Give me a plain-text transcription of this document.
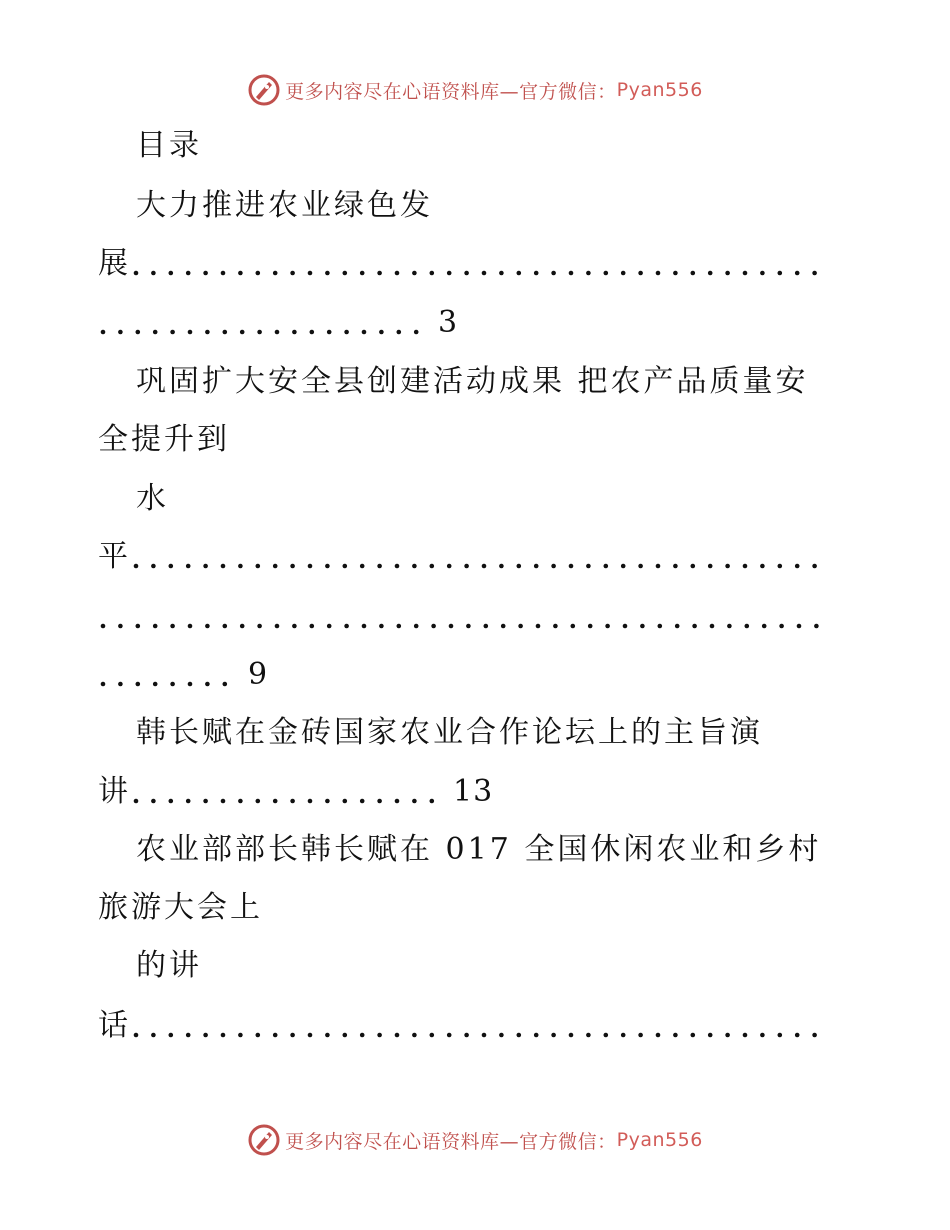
更多内容尽在心语资料库—官方微信： Pyan556
目录
大力推进农业绿色发
展
3
巩固扩大安全县创建活动成果 把农产品质量安
全提升到
水
平
9
韩长赋在金砖国家农业合作论坛上的主旨演
讲	13
农业部部长韩长赋在 017 全国休闲农业和乡村
旅游大会上
的讲
话
更多内容尽在心语资料库—官方微信： Pyan556
